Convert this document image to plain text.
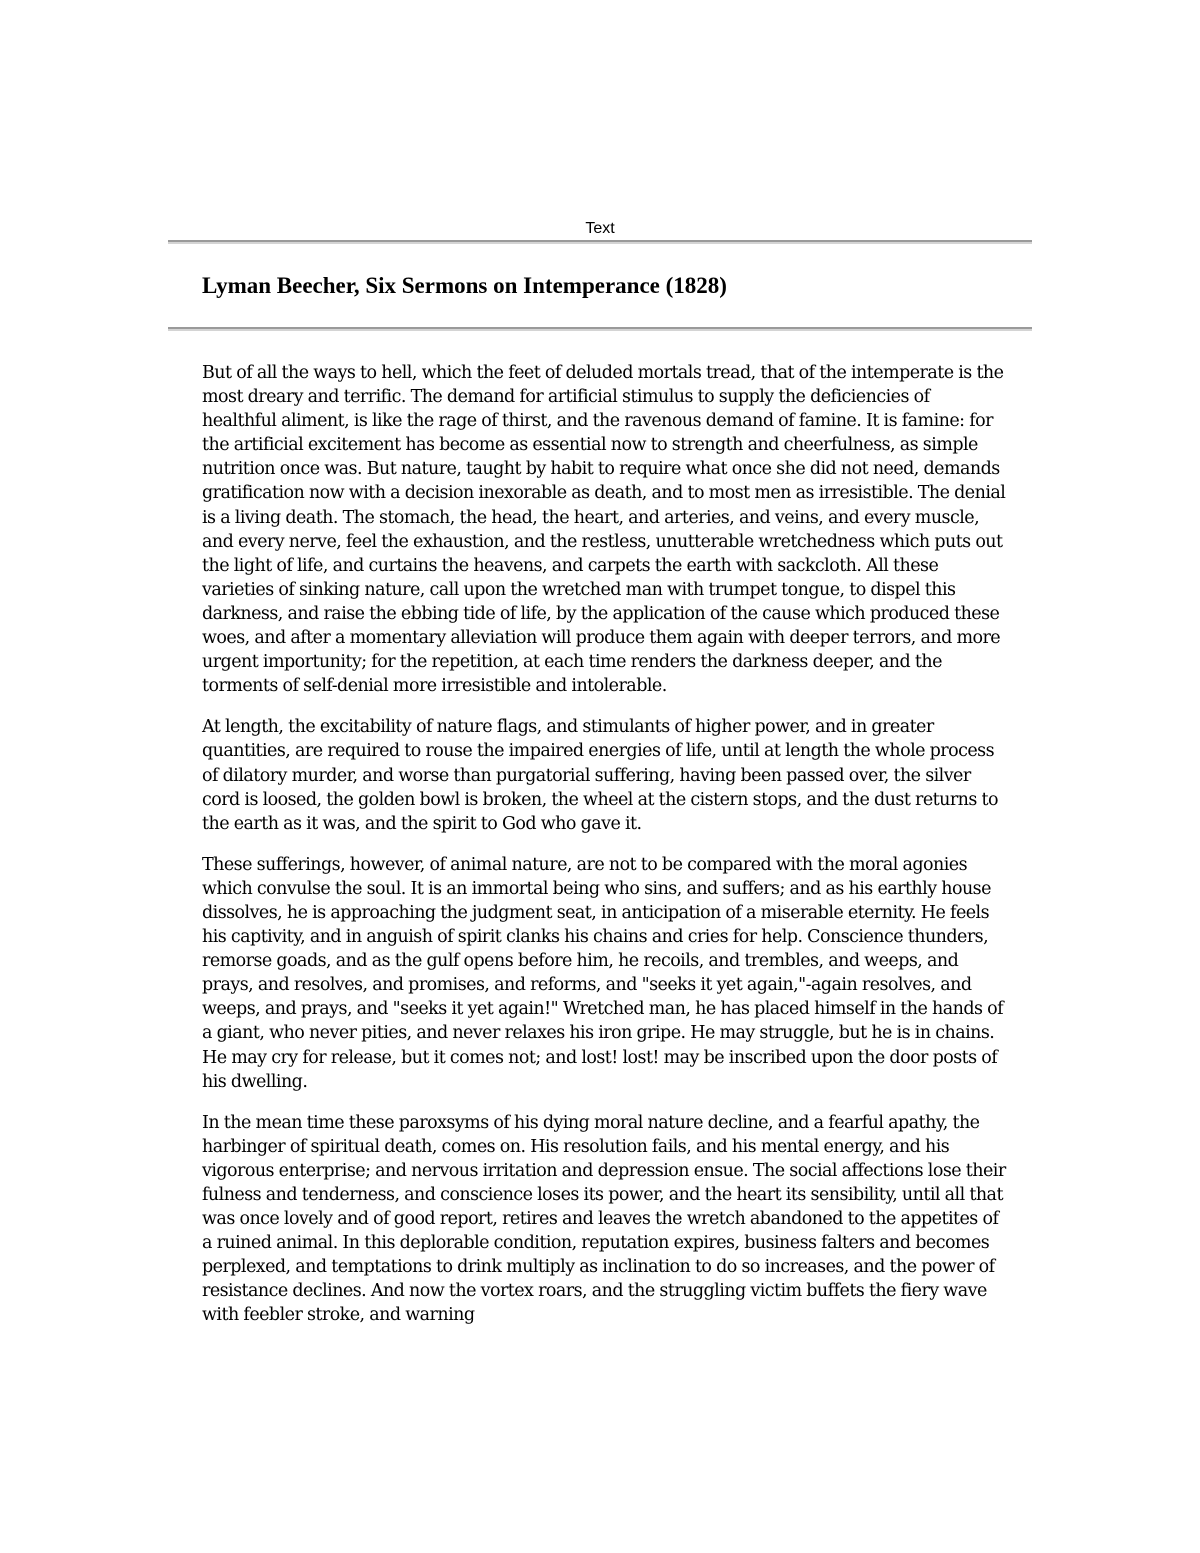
Text
Lyman Beecher, Six Sermons on Intemperance (1828)

But of all the ways to hell, which the feet of deluded mortals tread, that of the intemperate is the most dreary and terrific. The demand for artificial stimulus to supply the deficiencies of healthful aliment, is like the rage of thirst, and the ravenous demand of famine. It is famine: for the artificial excitement has become as essential now to strength and cheerfulness, as simple nutrition once was. But nature, taught by habit to require what once she did not need, demands gratification now with a decision inexorable as death, and to most men as irresistible. The denial is a living death. The stomach, the head, the heart, and arteries, and veins, and every muscle, and every nerve, feel the exhaustion, and the restless, unutterable wretchedness which puts out the light of life, and curtains the heavens, and carpets the earth with sackcloth. All these varieties of sinking nature, call upon the wretched man with trumpet tongue, to dispel this darkness, and raise the ebbing tide of life, by the application of the cause which produced these woes, and after a momentary alleviation will produce them again with deeper terrors, and more urgent importunity; for the repetition, at each time renders the darkness deeper, and the torments of self-denial more irresistible and intolerable.

At length, the excitability of nature flags, and stimulants of higher power, and in greater quantities, are required to rouse the impaired energies of life, until at length the whole process of dilatory murder, and worse than purgatorial suffering, having been passed over, the silver cord is loosed, the golden bowl is broken, the wheel at the cistern stops, and the dust returns to the earth as it was, and the spirit to God who gave it.

These sufferings, however, of animal nature, are not to be compared with the moral agonies which convulse the soul. It is an immortal being who sins, and suffers; and as his earthly house dissolves, he is approaching the judgment seat, in anticipation of a miserable eternity. He feels his captivity, and in anguish of spirit clanks his chains and cries for help. Conscience thunders, remorse goads, and as the gulf opens before him, he recoils, and trembles, and weeps, and prays, and resolves, and promises, and reforms, and "seeks it yet again,"-again resolves, and weeps, and prays, and "seeks it yet again!" Wretched man, he has placed himself in the hands of a giant, who never pities, and never relaxes his iron gripe. He may struggle, but he is in chains. He may cry for release, but it comes not; and lost! lost! may be inscribed upon the door posts of his dwelling.

In the mean time these paroxsyms of his dying moral nature decline, and a fearful apathy, the harbinger of spiritual death, comes on. His resolution fails, and his mental energy, and his vigorous enterprise; and nervous irritation and depression ensue. The social affections lose their fulness and tenderness, and conscience loses its power, and the heart its sensibility, until all that was once lovely and of good report, retires and leaves the wretch abandoned to the appetites of a ruined animal. In this deplorable condition, reputation expires, business falters and becomes perplexed, and temptations to drink multiply as inclination to do so increases, and the power of resistance declines. And now the vortex roars, and the struggling victim buffets the fiery wave with feebler stroke, and warning
